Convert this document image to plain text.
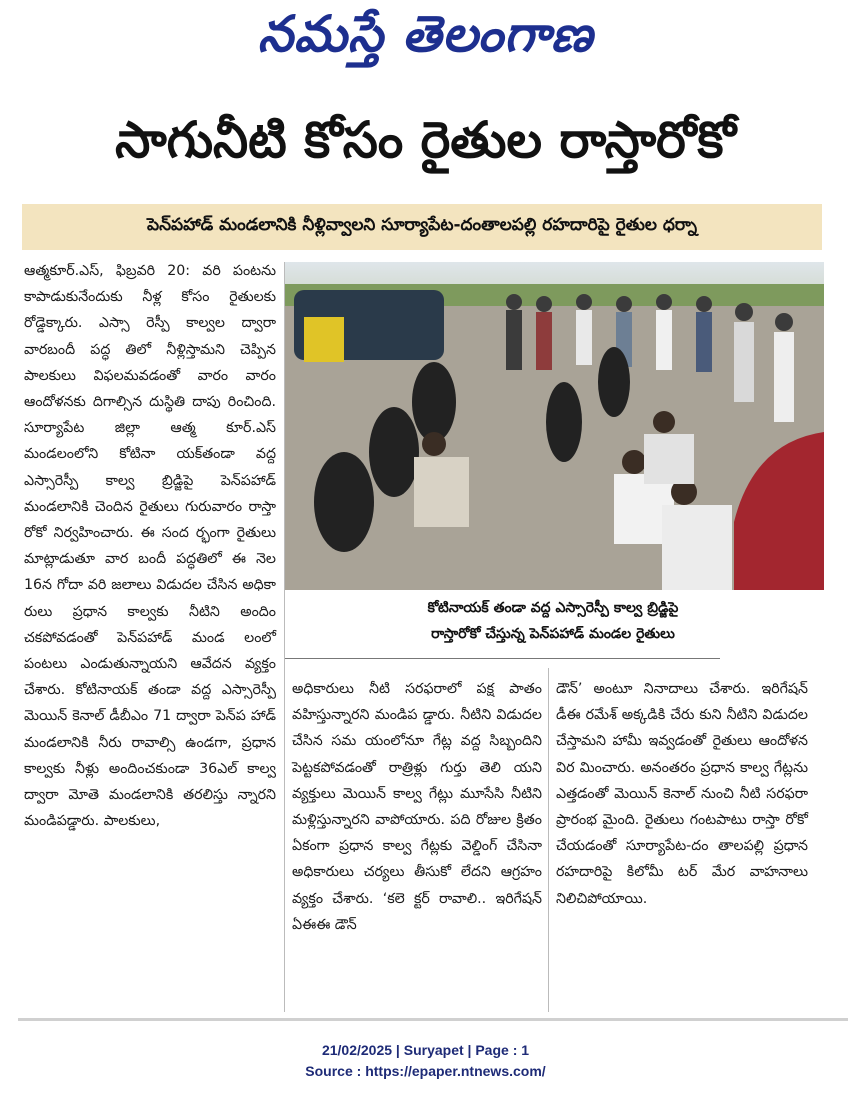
నమస్తే తెలంగాణ
సాగునీటి కోసం రైతుల రాస్తారోకో
పెన్‌పహాడ్ మండలానికి నీళ్లివ్వాలని సూర్యాపేట-దంతాలపల్లి రహదారిపై రైతుల ధర్నా
ఆత్మకూర్.ఎస్, ఫిబ్రవరి 20: వరి పంటను కాపాడుకునేందుకు నీళ్ల కోసం రైతులకు రోడ్డెక్కారు. ఎస్సా రెస్పీ కాల్వల ద్వారా వారబందీ పద్ధ తిలో నీళ్లిస్తామని చెప్పిన పాలకులు విఫలమవడంతో వారం వారం ఆందోళనకు దిగాల్సిన దుస్థితి దాపు రించింది. సూర్యాపేట జిల్లా ఆత్మ కూర్.ఎస్ మండలంలోని కోటినా యక్‌తండా వద్ద ఎస్సారెస్పీ కాల్వ బ్రిడ్జిపై పెన్‌పహాడ్ మండలానికి చెందిన రైతులు గురువారం రాస్తా రోకో నిర్వహించారు. ఈ సంద ర్భంగా రైతులు మాట్లాడుతూ వార బందీ పద్ధతిలో ఈ నెల 16న గోదా వరి జలాలు విడుదల చేసిన అధికా రులు ప్రధాన కాల్వకు నీటిని అందిం చకపోవడంతో పెన్‌పహాడ్ మండ లంలో పంటలు ఎండుతున్నాయని ఆవేదన వ్యక్తం చేశారు. కోటినాయక్ తండా వద్ద ఎస్సారెస్పీ మెయిన్ కెనాల్ డీబీఎం 71 ద్వారా పెన్‌ప హాడ్ మండలానికి నీరు రావాల్సి ఉండగా, ప్రధాన కాల్వకు నీళ్లు అందించకుండా 36ఎల్ కాల్వ ద్వారా మోతె మండలానికి తరలిస్తు న్నారని మండిపడ్డారు. పాలకులు,
కోటినాయక్ తండా వద్ద ఎస్సారెస్పీ కాల్వ బ్రిడ్జిపై
రాస్తారోకో చేస్తున్న పెన్‌పహాడ్ మండల రైతులు
అధికారులు నీటి సరఫరాలో పక్ష పాతం వహిస్తున్నారని మండిప డ్డారు. నీటిని విడుదల చేసిన సమ యంలోనూ గేట్ల వద్ద సిబ్బందిని పెట్టకపోవడంతో రాత్రిళ్లు గుర్తు తెలి యని వ్యక్తులు మెయిన్ కాల్వ గేట్లు మూసేసి నీటిని మళ్లిస్తున్నారని వాపోయారు. పది రోజుల క్రితం ఏకంగా ప్రధాన కాల్వ గేట్లకు వెల్డింగ్ చేసినా అధికారులు చర్యలు తీసుకో లేదని ఆగ్రహం వ్యక్తం చేశారు. ‘కలె క్టర్ రావాలి.. ఇరిగేషన్ ఏఈఈ డౌన్
డౌన్’ అంటూ నినాదాలు చేశారు. ఇరిగేషన్ డీఈ రమేశ్ అక్కడికి చేరు కుని నీటిని విడుదల చేస్తామని హామీ ఇవ్వడంతో రైతులు ఆందోళన విర మించారు. అనంతరం ప్రధాన కాల్వ గేట్లను ఎత్తడంతో మెయిన్ కెనాల్ నుంచి నీటి సరఫరా ప్రారంభ మైంది. రైతులు గంటపాటు రాస్తా రోకో చేయడంతో సూర్యాపేట-దం తాలపల్లి ప్రధాన రహదారిపై కిలోమీ టర్ మేర వాహనాలు నిలిచిపోయాయి.
21/02/2025 | Suryapet | Page : 1
Source : https://epaper.ntnews.com/
